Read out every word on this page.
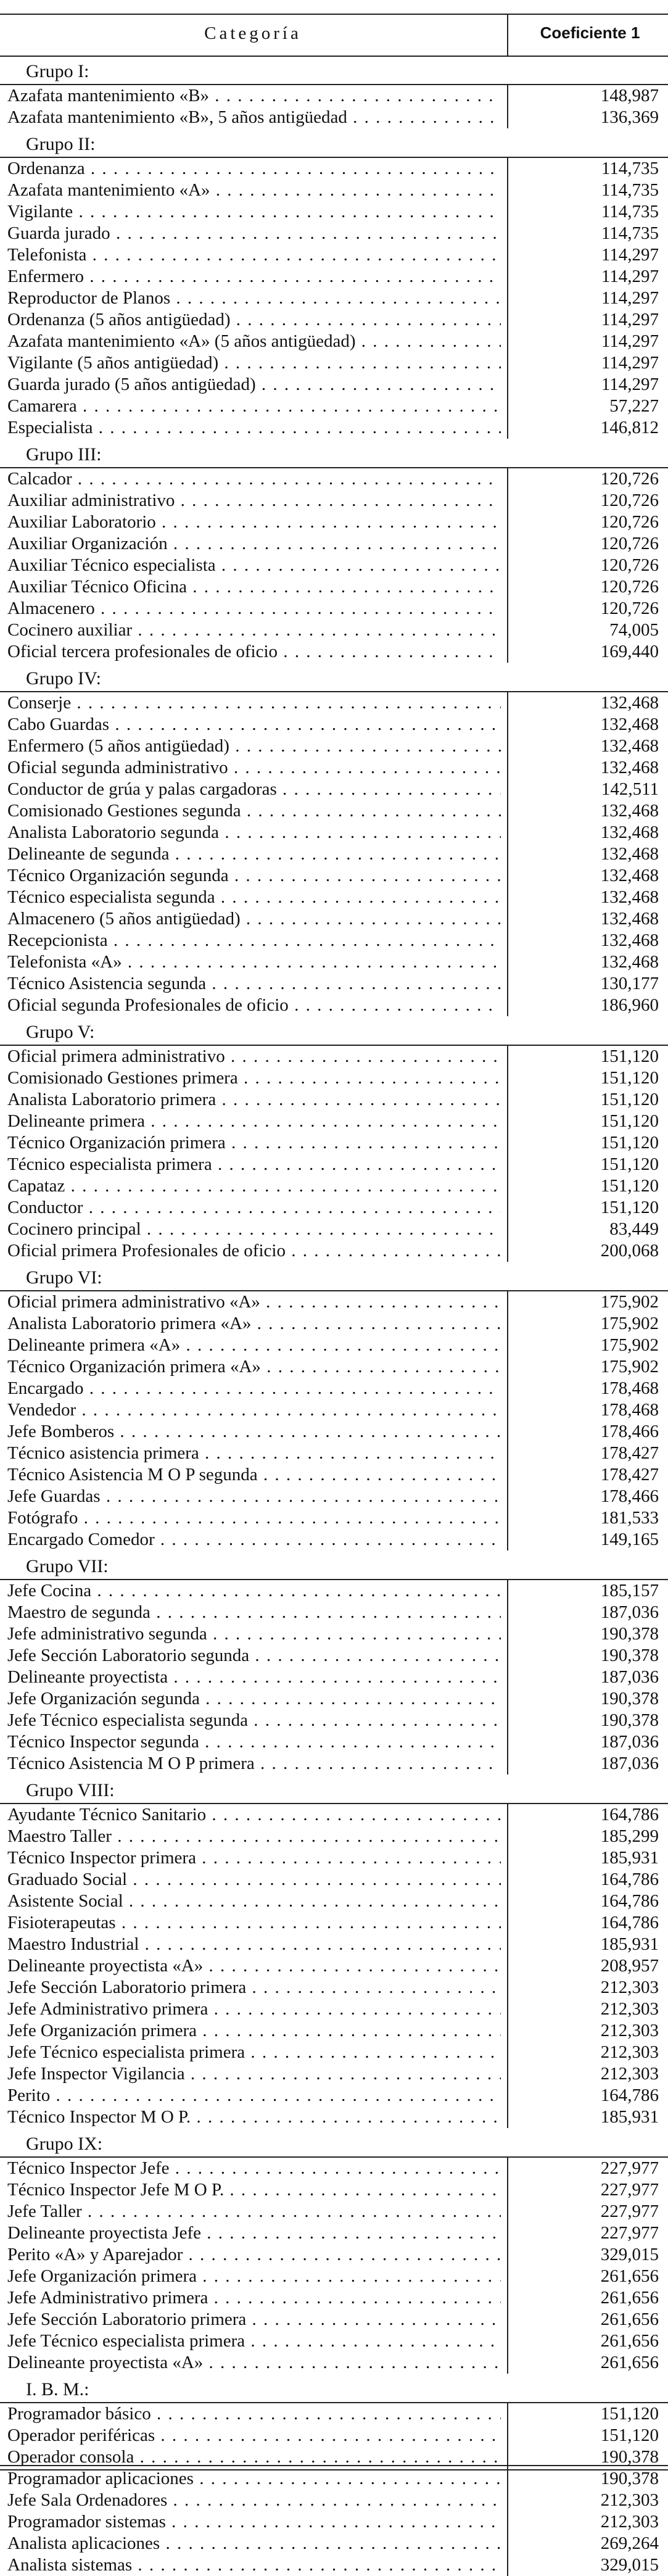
Categoría	Coeficiente 1
Grupo I:
Azafata mantenimiento «B» . . .	148,987
Azafata mantenimiento «B», 5 años antigüedad . . .	136,369
Grupo II:
Ordenanza . . .	114,735
Azafata mantenimiento «A» . . .	114,735
Vigilante . . .	114,735
Guarda jurado . . .	114,735
Telefonista . . .	114,297
Enfermero . . .	114,297
Reproductor de Planos . . .	114,297
Ordenanza (5 años antigüedad) . . .	114,297
Azafata mantenimiento «A» (5 años antigüedad) . . .	114,297
Vigilante (5 años antigüedad) . . .	114,297
Guarda jurado (5 años antigüedad) . . .	114,297
Camarera . . .	57,227
Especialista . . .	146,812
Grupo III:
Calcador . . .	120,726
Auxiliar administrativo . . .	120,726
Auxiliar Laboratorio . . .	120,726
Auxiliar Organización . . .	120,726
Auxiliar Técnico especialista . . .	120,726
Auxiliar Técnico Oficina . . .	120,726
Almacenero . . .	120,726
Cocinero auxiliar . . .	74,005
Oficial tercera profesionales de oficio . . .	169,440
Grupo IV:
Conserje . . .	132,468
Cabo Guardas . . .	132,468
Enfermero (5 años antigüedad) . . .	132,468
Oficial segunda administrativo . . .	132,468
Conductor de grúa y palas cargadoras . . .	142,511
Comisionado Gestiones segunda . . .	132,468
Analista Laboratorio segunda . . .	132,468
Delineante de segunda . . .	132,468
Técnico Organización segunda . . .	132,468
Técnico especialista segunda . . .	132,468
Almacenero (5 años antigüedad) . . .	132,468
Recepcionista . . .	132,468
Telefonista «A» . . .	132,468
Técnico Asistencia segunda . . .	130,177
Oficial segunda Profesionales de oficio . . .	186,960
Grupo V:
Oficial primera administrativo . . .	151,120
Comisionado Gestiones primera . . .	151,120
Analista Laboratorio primera . . .	151,120
Delineante primera . . .	151,120
Técnico Organización primera . . .	151,120
Técnico especialista primera . . .	151,120
Capataz . . .	151,120
Conductor . . .	151,120
Cocinero principal . . .	83,449
Oficial primera Profesionales de oficio . . .	200,068
Grupo VI:
Oficial primera administrativo «A» . . .	175,902
Analista Laboratorio primera «A» . . .	175,902
Delineante primera «A» . . .	175,902
Técnico Organización primera «A» . . .	175,902
Encargado . . .	178,468
Vendedor . . .	178,468
Jefe Bomberos . . .	178,466
Técnico asistencia primera . . .	178,427
Técnico Asistencia M O P segunda . . .	178,427
Jefe Guardas . . .	178,466
Fotógrafo . . .	181,533
Encargado Comedor . . .	149,165
Grupo VII:
Jefe Cocina . . .	185,157
Maestro de segunda . . .	187,036
Jefe administrativo segunda . . .	190,378
Jefe Sección Laboratorio segunda . . .	190,378
Delineante proyectista . . .	187,036
Jefe Organización segunda . . .	190,378
Jefe Técnico especialista segunda . . .	190,378
Técnico Inspector segunda . . .	187,036
Técnico Asistencia M O P primera . . .	187,036
Grupo VIII:
Ayudante Técnico Sanitario . . .	164,786
Maestro Taller . . .	185,299
Técnico Inspector primera . . .	185,931
Graduado Social . . .	164,786
Asistente Social . . .	164,786
Fisioterapeutas . . .	164,786
Maestro Industrial . . .	185,931
Delineante proyectista «A» . . .	208,957
Jefe Sección Laboratorio primera . . .	212,303
Jefe Administrativo primera . . .	212,303
Jefe Organización primera . . .	212,303
Jefe Técnico especialista primera . . .	212,303
Jefe Inspector Vigilancia . . .	212,303
Perito . . .	164,786
Técnico Inspector M O P. . . .	185,931
Grupo IX:
Técnico Inspector Jefe . . .	227,977
Técnico Inspector Jefe M O P. . . .	227,977
Jefe Taller . . .	227,977
Delineante proyectista Jefe . . .	227,977
Perito «A» y Aparejador . . .	329,015
Jefe Organización primera . . .	261,656
Jefe Administrativo primera . . .	261,656
Jefe Sección Laboratorio primera . . .	261,656
Jefe Técnico especialista primera . . .	261,656
Delineante proyectista «A» . . .	261,656
I. B. M.:
Programador básico . . .	151,120
Operador periféricas . . .	151,120
Operador consola . . .	190,378
Programador aplicaciones . . .	190,378
Jefe Sala Ordenadores . . .	212,303
Programador sistemas . . .	212,303
Analista aplicaciones . . .	269,264
Analista sistemas . . .	329,015
